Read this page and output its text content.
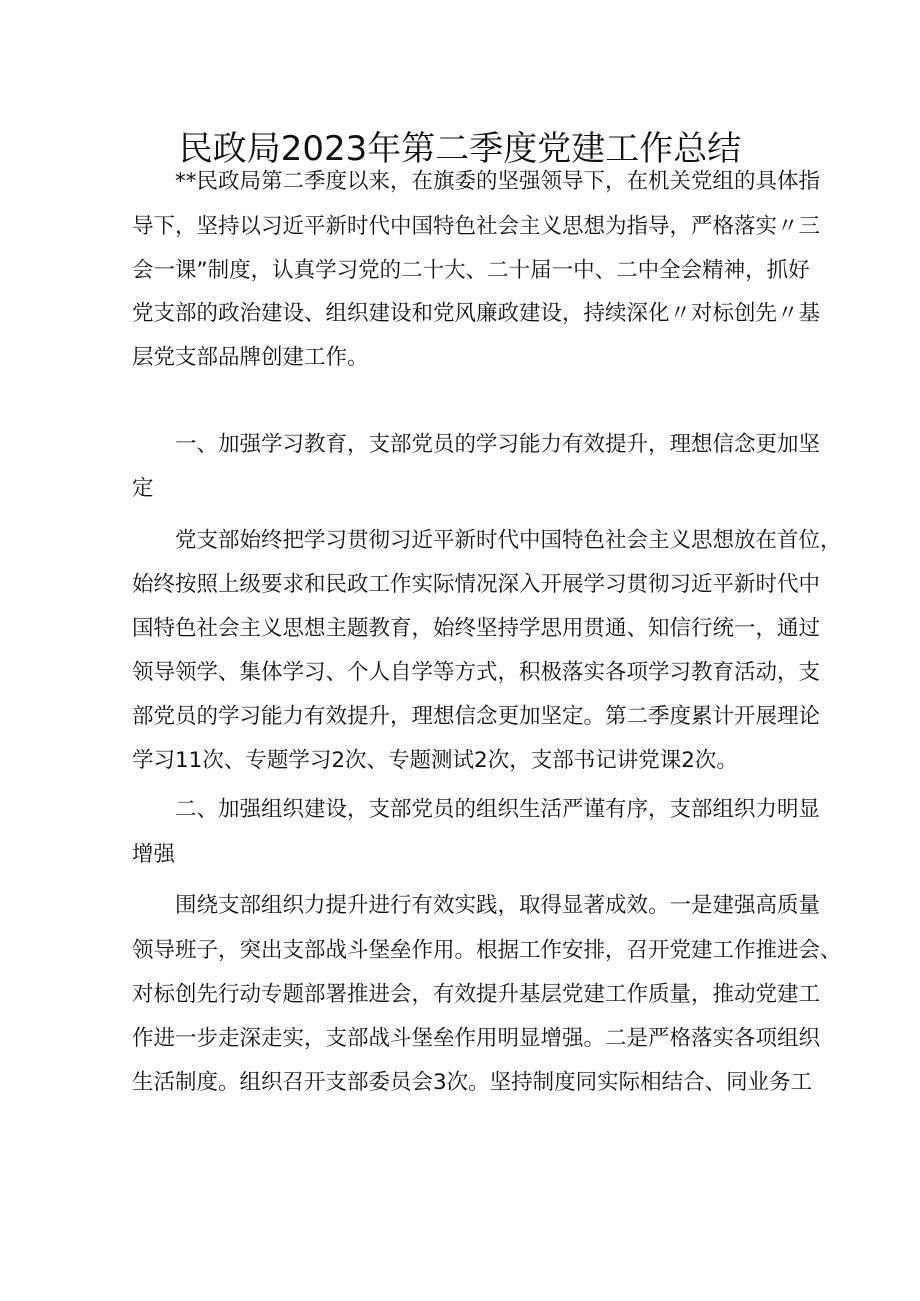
民政局2023年第二季度党建工作总结
**民政局第二季度以来，在旗委的坚强领导下，在机关党组的具体指
导下，坚持以习近平新时代中国特色社会主义思想为指导，严格落实〃三
会一课”制度，认真学习党的二十大、二十届一中、二中全会精神，抓好
党支部的政治建设、组织建设和党风廉政建设，持续深化〃对标创先〃基
层党支部品牌创建工作。
一、加强学习教育，支部党员的学习能力有效提升，理想信念更加坚
定
党支部始终把学习贯彻习近平新时代中国特色社会主义思想放在首位，
始终按照上级要求和民政工作实际情况深入开展学习贯彻习近平新时代中
国特色社会主义思想主题教育，始终坚持学思用贯通、知信行统一，通过
领导领学、集体学习、个人自学等方式，积极落实各项学习教育活动，支
部党员的学习能力有效提升，理想信念更加坚定。第二季度累计开展理论
学习11次、专题学习2次、专题测试2次，支部书记讲党课2次。
二、加强组织建设，支部党员的组织生活严谨有序，支部组织力明显
增强
围绕支部组织力提升进行有效实践，取得显著成效。一是建强高质量
领导班子，突出支部战斗堡垒作用。根据工作安排，召开党建工作推进会、
对标创先行动专题部署推进会，有效提升基层党建工作质量，推动党建工
作进一步走深走实，支部战斗堡垒作用明显增强。二是严格落实各项组织
生活制度。组织召开支部委员会3次。坚持制度同实际相结合、同业务工
